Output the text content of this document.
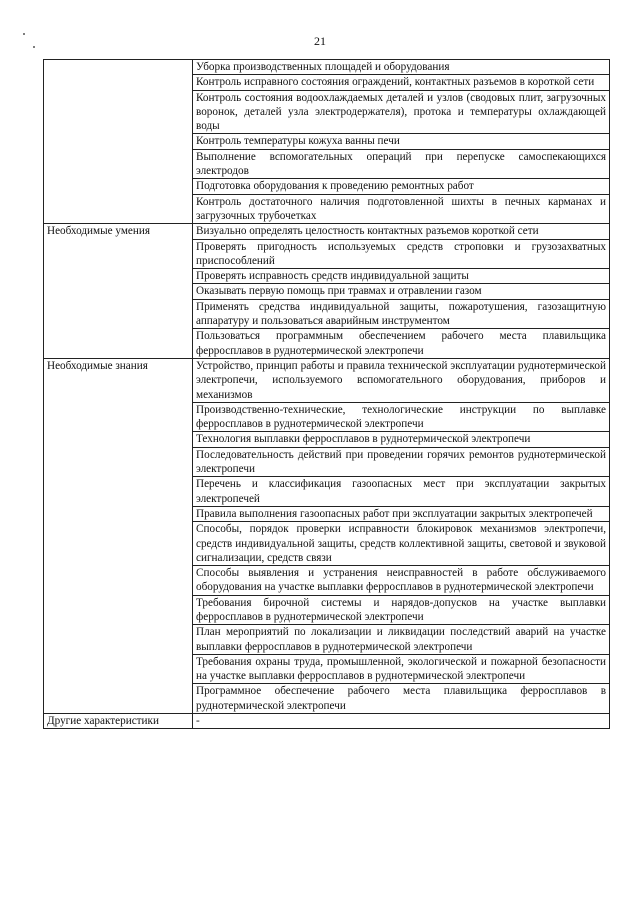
21
	Уборка производственных площадей и оборудования
	Контроль исправного состояния ограждений, контактных разъемов в короткой сети
	Контроль состояния водоохлаждаемых деталей и узлов (сводовых плит, загрузочных воронок, деталей узла электродержателя), протока и температуры охлаждающей воды
	Контроль температуры кожуха ванны печи
	Выполнение вспомогательных операций при перепуске самоспекающихся электродов
	Подготовка оборудования к проведению ремонтных работ
	Контроль достаточного наличия подготовленной шихты в печных карманах и загрузочных трубочетках
Необходимые умения	Визуально определять целостность контактных разъемов короткой сети
	Проверять пригодность используемых средств строповки и грузозахватных приспособлений
	Проверять исправность средств индивидуальной защиты
	Оказывать первую помощь при травмах и отравлении газом
	Применять средства индивидуальной защиты, пожаротушения, газозащитную аппаратуру и пользоваться аварийным инструментом
	Пользоваться программным обеспечением рабочего места плавильщика ферросплавов в руднотермической электропечи
Необходимые знания	Устройство, принцип работы и правила технической эксплуатации руднотермической электропечи, используемого вспомогательного оборудования, приборов и механизмов
	Производственно-технические, технологические инструкции по выплавке ферросплавов в руднотермической электропечи
	Технология выплавки ферросплавов в руднотермической электропечи
	Последовательность действий при проведении горячих ремонтов руднотермической электропечи
	Перечень и классификация газоопасных мест при эксплуатации закрытых электропечей
	Правила выполнения газоопасных работ при эксплуатации закрытых электропечей
	Способы, порядок проверки исправности блокировок механизмов электропечи, средств индивидуальной защиты, средств коллективной защиты, световой и звуковой сигнализации, средств связи
	Способы выявления и устранения неисправностей в работе обслуживаемого оборудования на участке выплавки ферросплавов в руднотермической электропечи
	Требования бирочной системы и нарядов-допусков на участке выплавки ферросплавов в руднотермической электропечи
	План мероприятий по локализации и ликвидации последствий аварий на участке выплавки ферросплавов в руднотермической электропечи
	Требования охраны труда, промышленной, экологической и пожарной безопасности на участке выплавки ферросплавов в руднотермической электропечи
	Программное обеспечение рабочего места плавильщика ферросплавов в руднотермической электропечи
Другие характеристики	-
